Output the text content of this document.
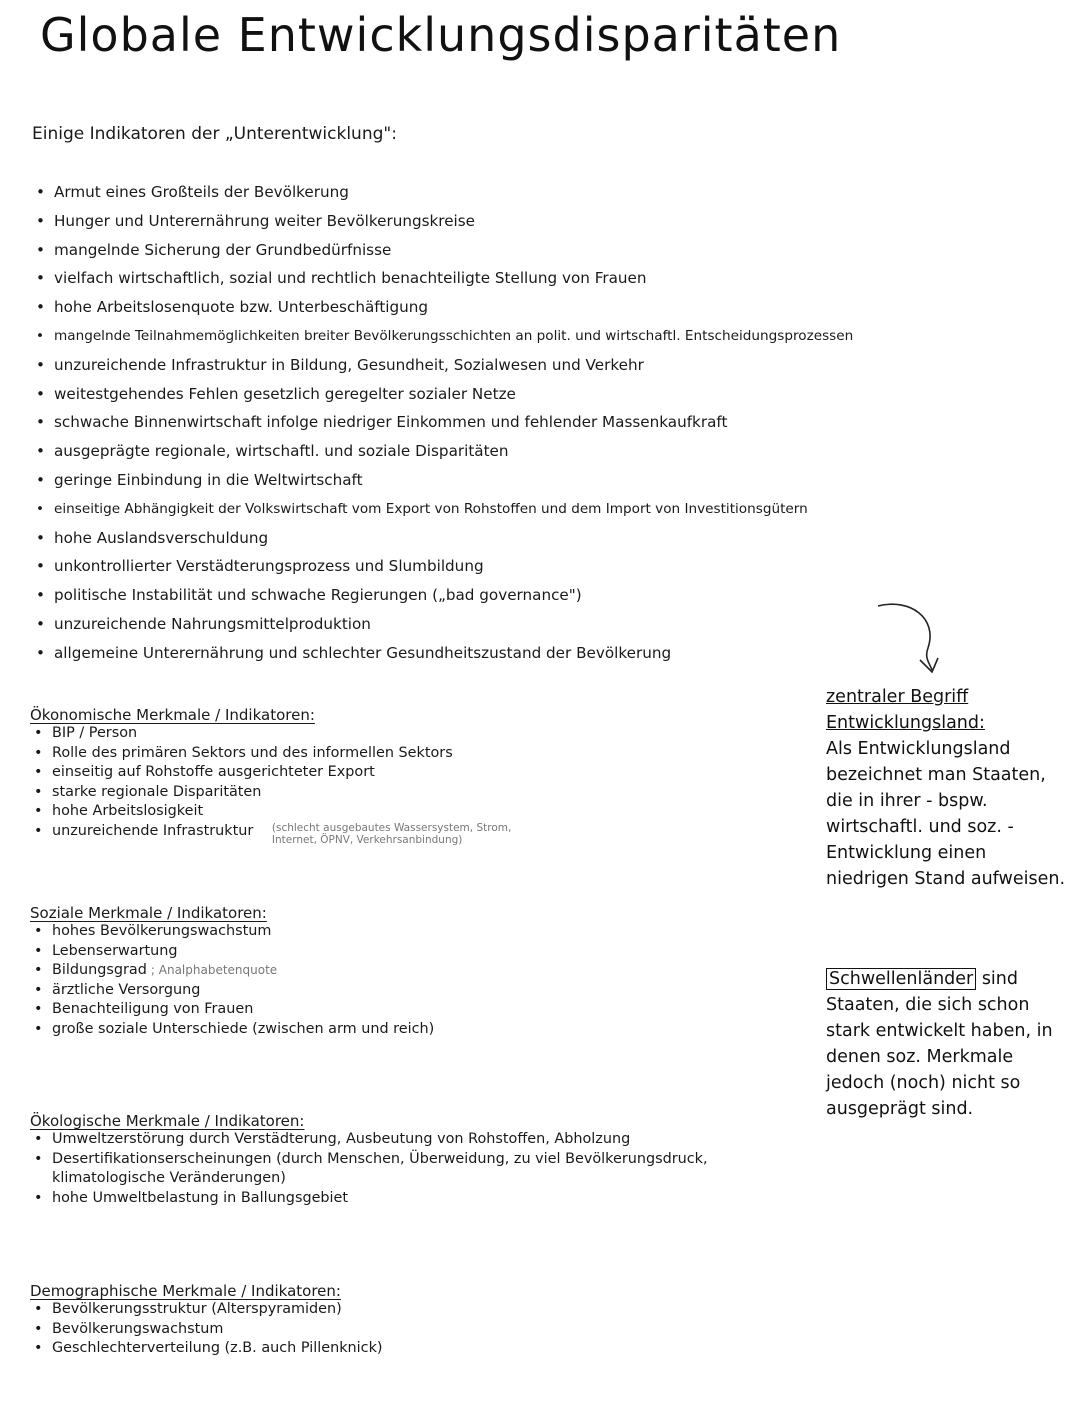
Globale Entwicklungsdisparitäten
Einige Indikatoren der „Unterentwicklung":
• Armut eines Großteils der Bevölkerung
• Hunger und Unterernährung weiter Bevölkerungskreise
• mangelnde Sicherung der Grundbedürfnisse
• vielfach wirtschaftlich, sozial und rechtlich benachteiligte Stellung von Frauen
• hohe Arbeitslosenquote bzw. Unterbeschäftigung
• mangelnde Teilnahmemöglichkeiten breiter Bevölkerungsschichten an polit. und wirtschaftl. Entscheidungsprozessen
• unzureichende Infrastruktur in Bildung, Gesundheit, Sozialwesen und Verkehr
• weitestgehendes Fehlen gesetzlich geregelter sozialer Netze
• schwache Binnenwirtschaft infolge niedriger Einkommen und fehlender Massenkaufkraft
• ausgeprägte regionale, wirtschaftl. und soziale Disparitäten
• geringe Einbindung in die Weltwirtschaft
• einseitige Abhängigkeit der Volkswirtschaft vom Export von Rohstoffen und dem Import von Investitionsgütern
• hohe Auslandsverschuldung
• unkontrollierter Verstädterungsprozess und Slumbildung
• politische Instabilität und schwache Regierungen („bad governance")
• unzureichende Nahrungsmittelproduktion
• allgemeine Unterernährung und schlechter Gesundheitszustand der Bevölkerung
Ökonomische Merkmale / Indikatoren:
• BIP / Person
• Rolle des primären Sektors und des informellen Sektors
• einseitig auf Rohstoffe ausgerichteter Export
• starke regionale Disparitäten
• hohe Arbeitslosigkeit
• unzureichende Infrastruktur (schlecht ausgebautes Wassersystem, Strom,
Internet, ÖPNV, Verkehrsanbindung)
Soziale Merkmale / Indikatoren:
• hohes Bevölkerungswachstum
• Lebenserwartung
• Bildungsgrad ; Analphabetenquote
• ärztliche Versorgung
• Benachteiligung von Frauen
• große soziale Unterschiede (zwischen arm und reich)
Ökologische Merkmale / Indikatoren:
• Umweltzerstörung durch Verstädterung, Ausbeutung von Rohstoffen, Abholzung
• Desertifikationserscheinungen (durch Menschen, Überweidung, zu viel Bevölkerungsdruck, klimatologische Veränderungen)
• hohe Umweltbelastung in Ballungsgebiet
Demographische Merkmale / Indikatoren:
• Bevölkerungsstruktur (Alterspyramiden)
• Bevölkerungswachstum
• Geschlechterverteilung (z.B. auch Pillenknick)
zentraler Begriff
Entwicklungsland:
Als Entwicklungsland bezeichnet man Staaten, die in ihrer - bspw. wirtschaftl. und soz. - Entwicklung einen niedrigen Stand aufweisen.
Schwellenländer sind Staaten, die sich schon stark entwickelt haben, in denen soz. Merkmale jedoch (noch) nicht so ausgeprägt sind.
